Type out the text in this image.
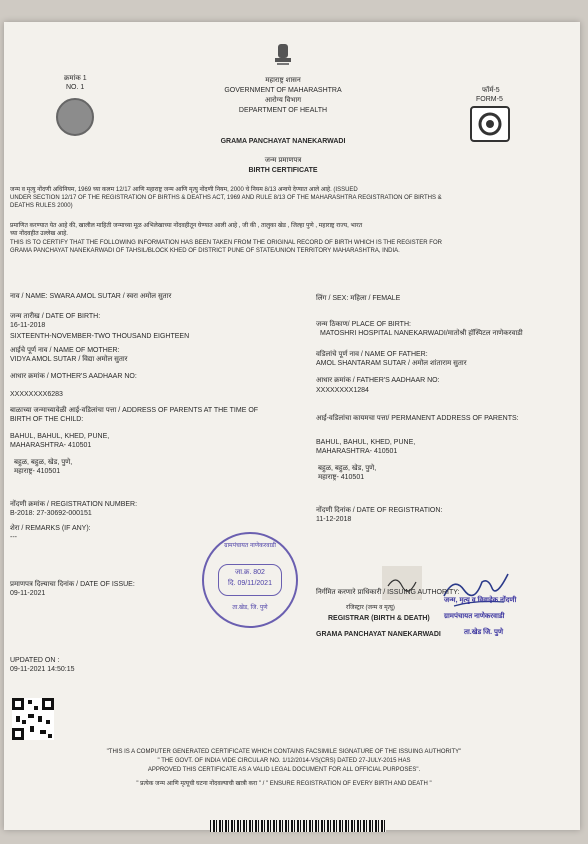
क्रमांक 1
NO. 1
महाराष्ट्र शासन
GOVERNMENT OF MAHARASHTRA
आरोग्य विभाग
DEPARTMENT OF HEALTH
फॉर्म-5
FORM-5
GRAMA PANCHAYAT NANEKARWADI
जन्म प्रमाणपत्र
BIRTH CERTIFICATE
जन्म व मृत्यु नोंदणी अधिनियम, 1969 च्या कलम 12/17 आणि महाराष्ट्र जन्म आणि मृत्यु नोंदणी नियम, 2000 चे नियम 8/13 अन्वये देण्यात आले आहे. (ISSUED
UNDER SECTION 12/17 OF THE REGISTRATION OF BIRTHS & DEATHS ACT, 1969 AND RULE 8/13 OF THE MAHARASHTRA REGISTRATION OF BIRTHS &
DEATHS RULES 2000)
प्रमाणित करण्यात येत आहे की, खालील माहिती जन्माच्या मूळ अभिलेखाच्या नोंदवहीतून घेण्यात आली आहे , जी की , तालुका खेड , जिल्हा पुणे , महाराष्ट्र राज्य, भारत
च्या नोंदवहीत उल्लेख आहे.
THIS IS TO CERTIFY THAT THE FOLLOWING INFORMATION HAS BEEN TAKEN FROM THE ORIGINAL RECORD OF BIRTH WHICH IS THE REGISTER FOR
GRAMA PANCHAYAT NANEKARWADI OF TAHSIL/BLOCK KHED OF DISTRICT PUNE OF STATE/UNION TERRITORY MAHARASHTRA, INDIA.
नाव / NAME: SWARA AMOL SUTAR / स्वरा अमोल सुतार	लिंग / SEX: महिला / FEMALE
जन्म तारीख / DATE OF BIRTH:
16-11-2018
SIXTEENTH-NOVEMBER-TWO THOUSAND EIGHTEEN
जन्म ठिकाण/ PLACE OF BIRTH:
MATOSHRI HOSPITAL NANEKARWADI/मातोश्री हॉस्पिटल नाणेकरवाडी
आईचे पूर्ण नाव / NAME OF MOTHER:
VIDYA AMOL SUTAR / विद्या अमोल सुतार
वडिलांचे पूर्ण नाव / NAME OF FATHER:
AMOL SHANTARAM SUTAR / अमोल शांताराम सुतार
आधार क्रमांक / MOTHER'S AADHAAR NO:
XXXXXXXX6283
आधार क्रमांक / FATHER'S AADHAAR NO:
XXXXXXXX1284
बाळाच्या जन्माच्यावेळी आई-वडिलांचा पत्ता / ADDRESS OF PARENTS AT THE TIME OF
BIRTH OF THE CHILD:
BAHUL, BAHUL, KHED, PUNE,
MAHARASHTRA- 410501
बहुळ, बहुळ, खेड, पुणे,
महाराष्ट्र- 410501
आई-वडिलांचा कायमचा पत्ता/ PERMANENT ADDRESS OF PARENTS:
BAHUL, BAHUL, KHED, PUNE,
MAHARASHTRA- 410501
बहुळ, बहुळ, खेड, पुणे,
महाराष्ट्र- 410501
नोंदणी क्रमांक / REGISTRATION NUMBER:
B-2018: 27-30692-000151	नोंदणी दिनांक / DATE OF REGISTRATION:
11-12-2018
शेरा / REMARKS (IF ANY):
---
ग्रामपंचायत नाणेकरवाडी
जा.क्र. 802
दि. 09/11/2021
ता.खेड, जि. पुणे
प्रमाणपत्र दिल्याचा दिनांक / DATE OF ISSUE:
09-11-2021	निर्गमित करणारे प्राधिकारी / ISSUING AUTHORITY:
रजिस्ट्रार (जन्म व मृत्यु)
REGISTRAR (BIRTH & DEATH)
GRAMA PANCHAYAT NANEKARWADI
जन्म, मृत्यु व विवाहेक नोंदणी
ग्रामपंचायत नाणेकरवाडी
ता.खेड जि. पुणे
UPDATED ON :
09-11-2021 14:50:15
"THIS IS A COMPUTER GENERATED CERTIFICATE WHICH CONTAINS FACSIMILE SIGNATURE OF THE ISSUING AUTHORITY"
" THE GOVT. OF INDIA VIDE CIRCULAR NO. 1/12/2014-VS(CRS) DATED 27-JULY-2015 HAS
APPROVED THIS CERTIFICATE AS A VALID LEGAL DOCUMENT FOR ALL OFFICIAL PURPOSES".
" प्रत्येक जन्म आणि मृत्यूची घटना नोंदवल्याची खात्री करा " / " ENSURE REGISTRATION OF EVERY BIRTH AND DEATH "
